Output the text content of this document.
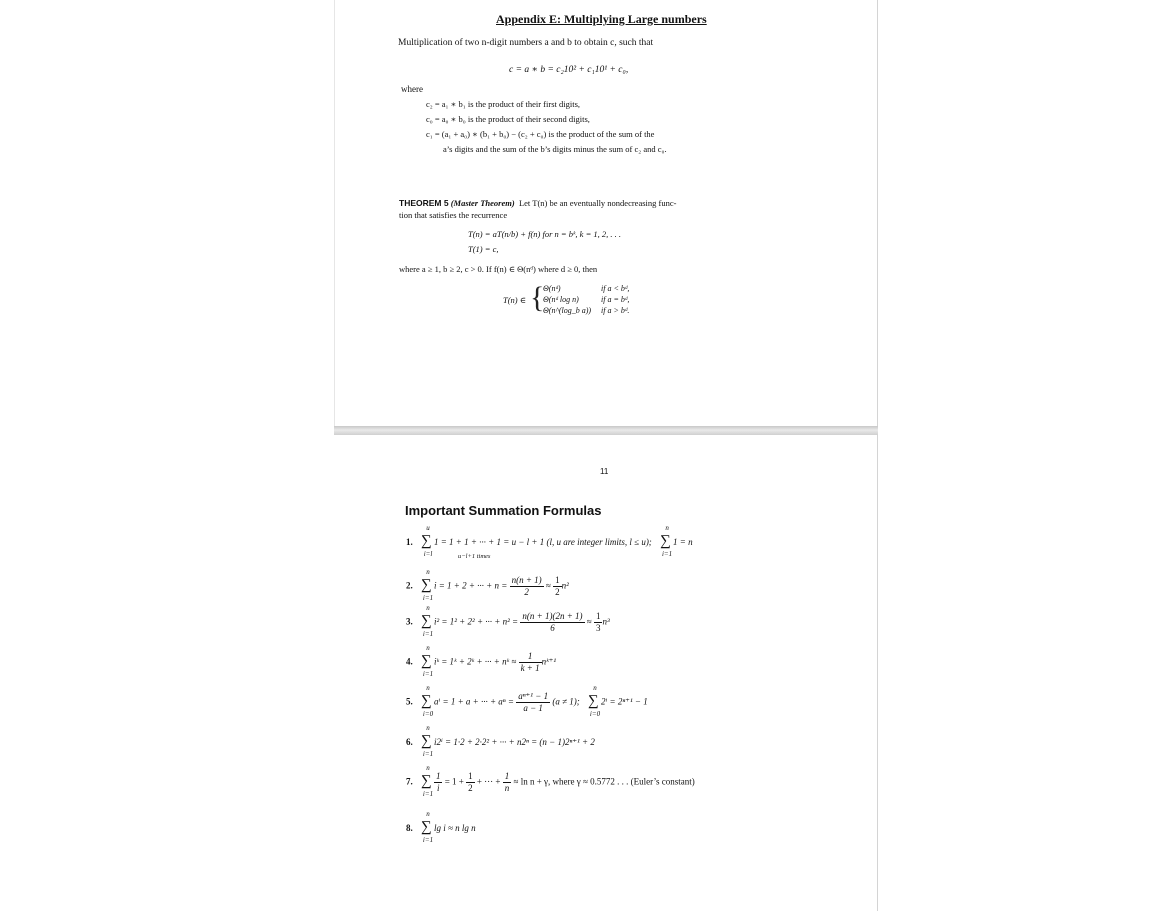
Appendix E: Multiplying Large numbers
Multiplication of two n-digit numbers a and b to obtain c, such that
c = a ∗ b = c₂10² + c₁10¹ + c₀,
where
c₂ = a₁ ∗ b₁ is the product of their first digits,
c₀ = a₀ ∗ b₀ is the product of their second digits,
c₁ = (a₁ + a₀) ∗ (b₁ + b₀) − (c₂ + c₀) is the product of the sum of the
a’s digits and the sum of the b’s digits minus the sum of c₂ and c₀.
THEOREM 5 (Master Theorem) Let T(n) be an eventually nondecreasing func-
tion that satisfies the recurrence
T(n) = aT(n/b) + f(n) for n = bᵏ, k = 1, 2, . . .
T(1) = c,
where a ≥ 1, b ≥ 2, c > 0. If f(n) ∈ Θ(nᵈ) where d ≥ 0, then
T(n) ∈ {
Θ(nᵈ)	if a < bᵈ,
Θ(nᵈ log n)	if a = bᵈ,
Θ(n^(log_b a)) if a > bᵈ.
11
Important Summation Formulas
1. ∑
u
i=l
1 = 1 + 1 + ··· + 1 = u − l + 1 (l, u are integer limits, l ≤ u); ∑
n
i=1
1 = n
u−l+1 times
2. ∑
n
i=1
i = 1 + 2 + ··· + $n = \frac{n(n + 1)}{2} \approx \frac{1}{2} n^2$
3. ∑
n
i=1
i² = 1² + 2² + ··· + $n^2 = \frac{n(n + 1)(2n + 1)}{6} \approx \frac{1}{3} n^3$
4. ∑
n
i=1
iᵏ = 1ᵏ + 2ᵏ + ··· + nᵏ ≈ $\frac{1}{k + 1}$ nᵏ⁺¹
5. ∑
n
i=0
aⁱ = 1 + a + ··· + $a^n = \frac{\text{aⁿ⁺¹ − 1}}{a - 1} (a \ne 1)$; ∑
n
i=0
2ⁱ = 2ⁿ⁺¹ − 1
6. ∑
n
i=1
i2ⁱ = 1·2 + 2·2² + ··· + n2ⁿ = (n − 1)2ⁿ⁺¹ + 2
7. ∑
n
i=1
$\frac{1}{i} = 1 + \frac{1}{2}$ + ··· + $\frac{1}{n} \approx \ln n + \gamma$, where γ ≈ 0.5772 . . . (Euler’s constant)
8. ∑
n
i=1
lg i ≈ n lg n
